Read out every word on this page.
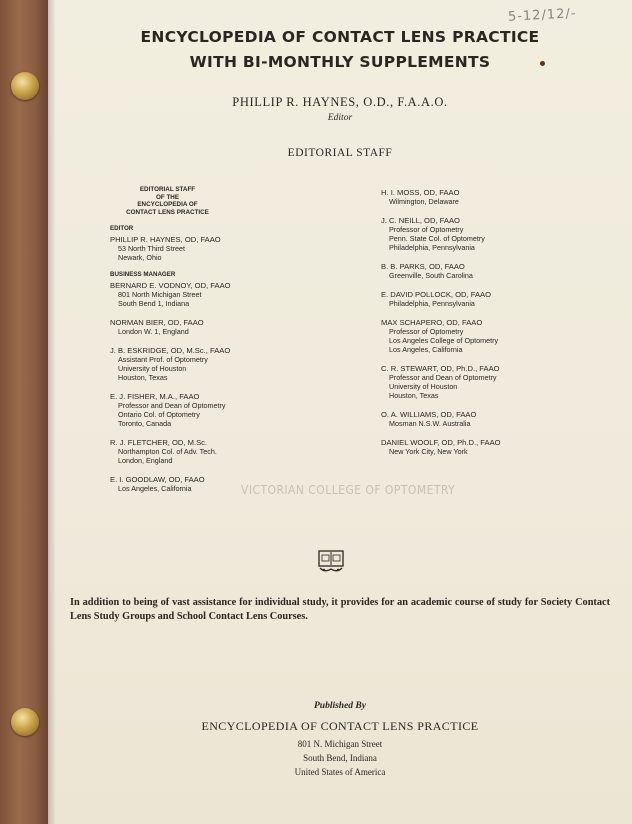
5-12/12/-
ENCYCLOPEDIA OF CONTACT LENS PRACTICE
WITH BI-MONTHLY SUPPLEMENTS
PHILLIP R. HAYNES, O.D., F.A.A.O.
Editor
EDITORIAL STAFF
EDITORIAL STAFF
OF THE
ENCYCLOPEDIA OF
CONTACT LENS PRACTICE
EDITOR
PHILLIP R. HAYNES, OD, FAAO
53 North Third Street
Newark, Ohio
BUSINESS MANAGER
BERNARD E. VODNOY, OD, FAAO
801 North Michigan Street
South Bend 1, Indiana
NORMAN BIER, OD, FAAO
London W. 1, England
J. B. ESKRIDGE, OD, M.Sc., FAAO
Assistant Prof. of Optometry
University of Houston
Houston, Texas
E. J. FISHER, M.A., FAAO
Professor and Dean of Optometry
Ontario Col. of Optometry
Toronto, Canada
R. J. FLETCHER, OD, M.Sc.
Northampton Col. of Adv. Tech.
London, England
E. I. GOODLAW, OD, FAAO
Los Angeles, California
H. I. MOSS, OD, FAAO
Wilmington, Delaware
J. C. NEILL, OD, FAAO
Professor of Optometry
Penn. State Col. of Optometry
Philadelphia, Pennsylvania
B. B. PARKS, OD, FAAO
Greenville, South Carolina
E. DAVID POLLOCK, OD, FAAO
Philadelphia, Pennsylvania
MAX SCHAPERO, OD, FAAO
Professor of Optometry
Los Angeles College of Optometry
Los Angeles, California
C. R. STEWART, OD, Ph.D., FAAO
Professor and Dean of Optometry
University of Houston
Houston, Texas
O. A. WILLIAMS, OD, FAAO
Mosman N.S.W. Australia
DANIEL WOOLF, OD, Ph.D., FAAO
New York City, New York
VICTORIAN COLLEGE OF OPTOMETRY
In addition to being of vast assistance for individual study, it provides for an academic course of study for Society Contact Lens Study Groups and School Contact Lens Courses.
Published By
ENCYCLOPEDIA OF CONTACT LENS PRACTICE
801 N. Michigan Street
South Bend, Indiana
United States of America
